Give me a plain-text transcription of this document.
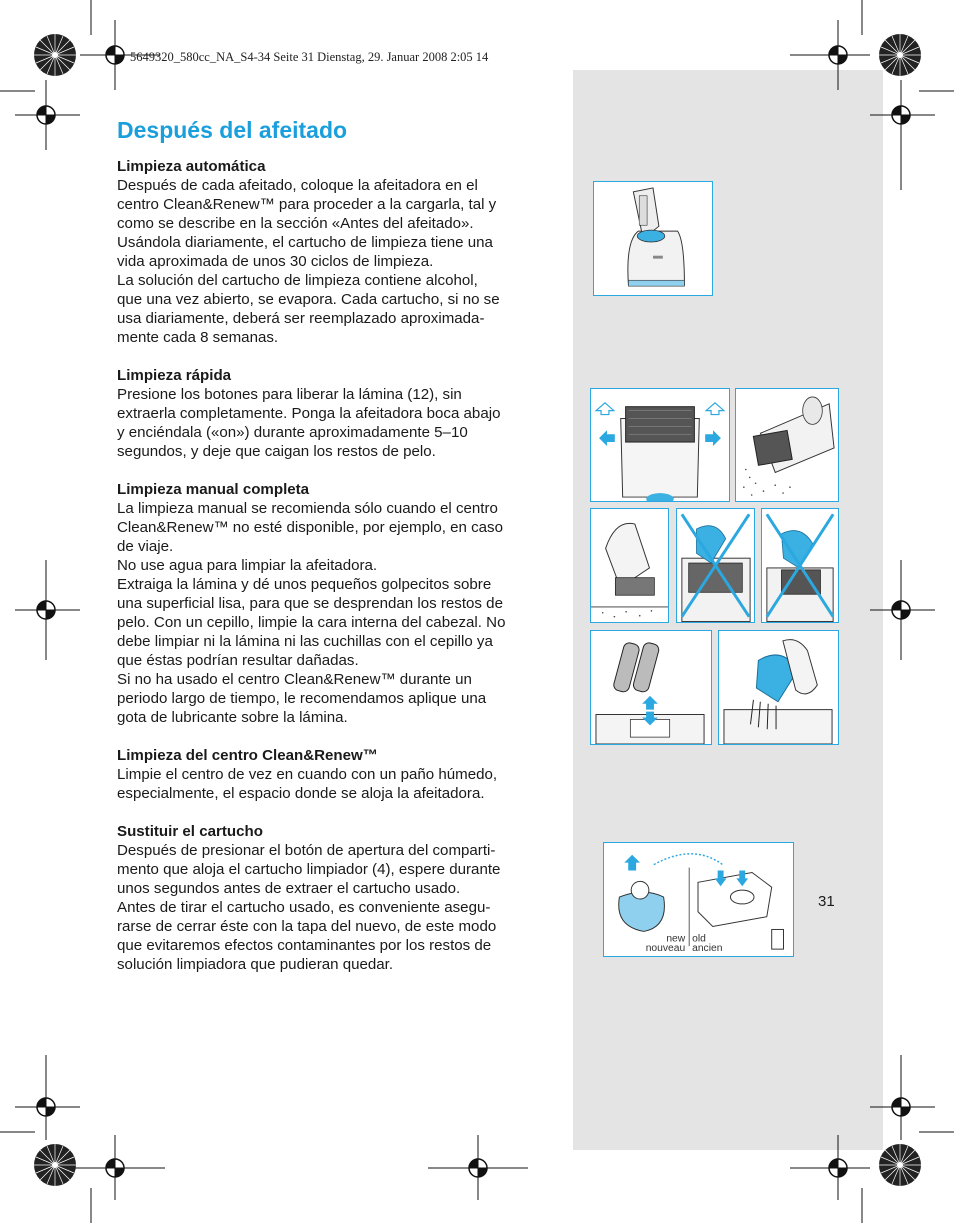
5649320_580cc_NA_S4-34 Seite 31 Dienstag, 29. Januar 2008 2:05 14
Después del afeitado
Limpieza automática

Después de cada afeitado, coloque la afeitadora en el
centro Clean&Renew™ para proceder a la cargarla, tal y
como se describe en la sección «Antes del afeitado».
Usándola diariamente, el cartucho de limpieza tiene una
vida aproximada de unos 30 ciclos de limpieza.
La solución del cartucho de limpieza contiene alcohol,
que una vez abierto, se evapora. Cada cartucho, si no se
usa diariamente, deberá ser reemplazado aproximada-
mente cada 8 semanas.

Limpieza rápida

Presione los botones para liberar la lámina (12), sin
extraerla completamente. Ponga la afeitadora boca abajo
y enciéndala («on») durante aproximadamente 5–10
segundos, y deje que caigan los restos de pelo.

Limpieza manual completa

La limpieza manual se recomienda sólo cuando el centro
Clean&Renew™ no esté disponible, por ejemplo, en caso
de viaje.
No use agua para limpiar la afeitadora.
Extraiga la lámina y dé unos pequeños golpecitos sobre
una superficial lisa, para que se desprendan los restos de
pelo. Con un cepillo, limpie la cara interna del cabezal. No
debe limpiar ni la lámina ni las cuchillas con el cepillo ya
que éstas podrían resultar dañadas.
Si no ha usado el centro Clean&Renew™ durante un
periodo largo de tiempo, le recomendamos aplique una
gota de lubricante sobre la lámina.

Limpieza del centro Clean&Renew™

Limpie el centro de vez en cuando con un paño húmedo,
especialmente, el espacio donde se aloja la afeitadora.

Sustituir el cartucho

Después de presionar el botón de apertura del comparti-
mento que aloja el cartucho limpiador (4), espere durante
unos segundos antes de extraer el cartucho usado.
Antes de tirar el cartucho usado, es conveniente asegu-
rarse de cerrar éste con la tapa del nuevo, de este modo
que evitaremos efectos contaminantes por los restos de
solución limpiadora que pudieran quedar.

new
nouveau
old
ancien
31
